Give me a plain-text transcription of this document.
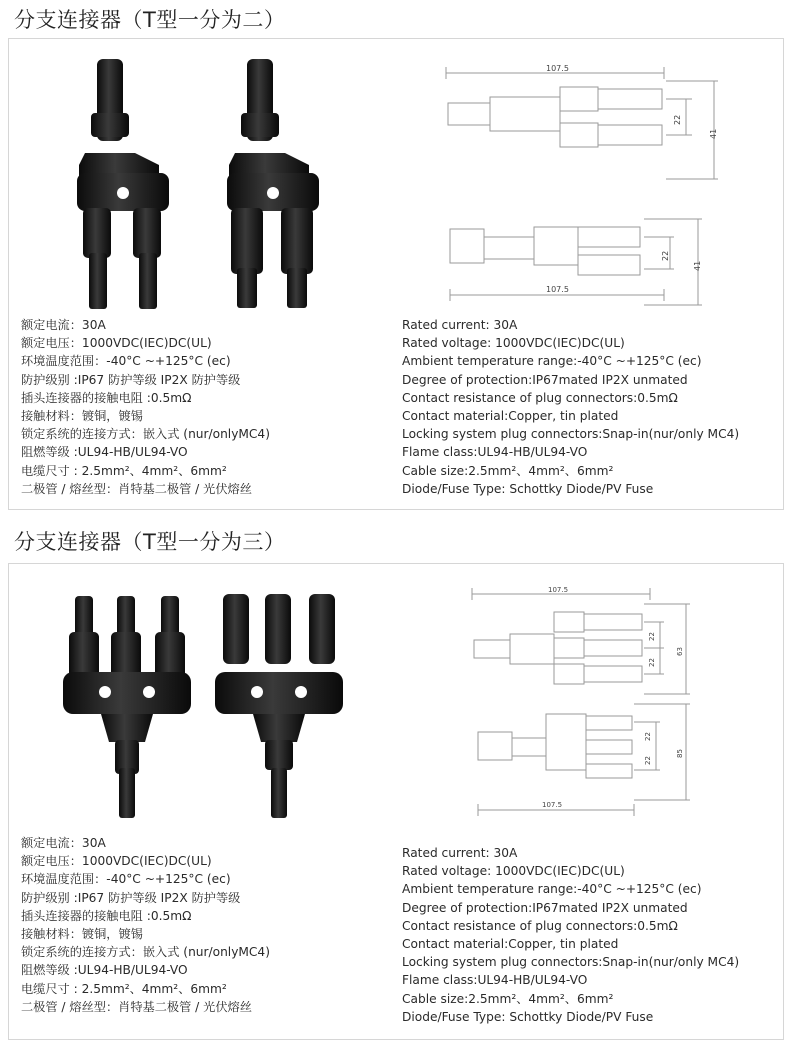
分支连接器（T型一分为二）
107.5
22
41
22
41
107.5
额定电流：30A
额定电压：1000VDC(IEC)DC(UL)
环境温度范围：-40°C ~+125°C (ec)
防护级别 :IP67 防护等级 IP2X 防护等级
插头连接器的接触电阻 :0.5mΩ
接触材料：镀铜，镀锡
锁定系统的连接方式：嵌入式 (nur/onlyMC4)
阻燃等级 :UL94-HB/UL94-VO
电缆尺寸 : 2.5mm²、4mm²、6mm²
二极管 / 熔丝型：肖特基二极管 / 光伏熔丝
Rated current: 30A
Rated voltage: 1000VDC(IEC)DC(UL)
Ambient temperature range:-40°C ~+125°C (ec)
Degree of protection:IP67mated IP2X unmated
Contact resistance of plug connectors:0.5mΩ
Contact material:Copper, tin plated
Locking system plug connectors:Snap-in(nur/only MC4)
Flame class:UL94-HB/UL94-VO
Cable size:2.5mm²、4mm²、6mm²
Diode/Fuse Type: Schottky Diode/PV Fuse
分支连接器（T型一分为三）
107.5
22
22
63
22
22
85
107.5
额定电流：30A
额定电压：1000VDC(IEC)DC(UL)
环境温度范围：-40°C ~+125°C (ec)
防护级别 :IP67 防护等级 IP2X 防护等级
插头连接器的接触电阻 :0.5mΩ
接触材料：镀铜，镀锡
锁定系统的连接方式：嵌入式 (nur/onlyMC4)
阻燃等级 :UL94-HB/UL94-VO
电缆尺寸 : 2.5mm²、4mm²、6mm²
二极管 / 熔丝型：肖特基二极管 / 光伏熔丝
Rated current: 30A
Rated voltage: 1000VDC(IEC)DC(UL)
Ambient temperature range:-40°C ~+125°C (ec)
Degree of protection:IP67mated IP2X unmated
Contact resistance of plug connectors:0.5mΩ
Contact material:Copper, tin plated
Locking system plug connectors:Snap-in(nur/only MC4)
Flame class:UL94-HB/UL94-VO
Cable size:2.5mm²、4mm²、6mm²
Diode/Fuse Type: Schottky Diode/PV Fuse
